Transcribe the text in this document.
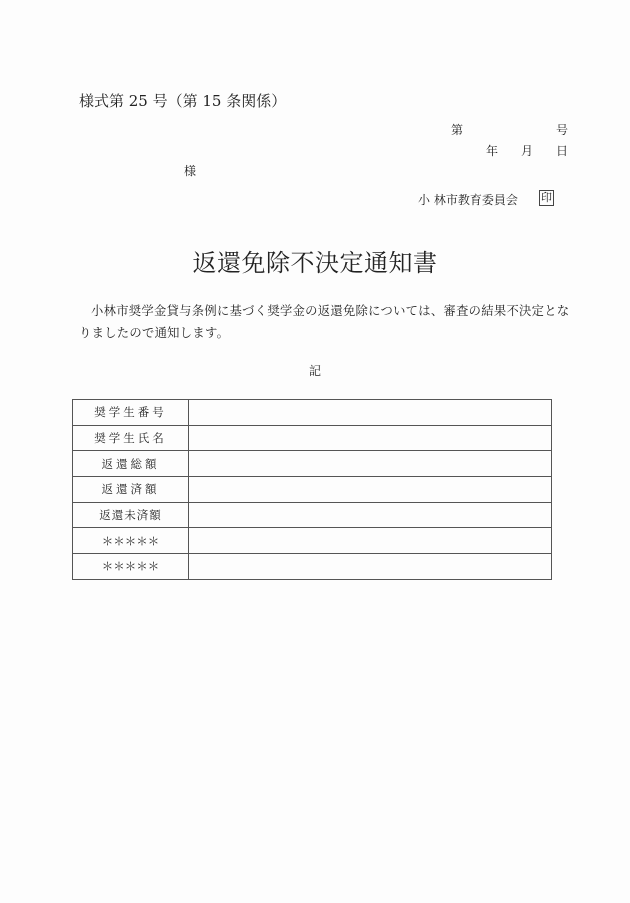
様式第 25 号（第 15 条関係）
第	号
年 月 日
様
小 林市教育委員会 印
返還免除不決定通知書
小林市奨学金貸与条例に基づく奨学金の返還免除については、審査の結果不決定となりましたので通知します。
記
奨学生番号	
奨学生氏名	
返還総額	
返還済額	
返還未済額	
＊＊＊＊＊	
＊＊＊＊＊	
